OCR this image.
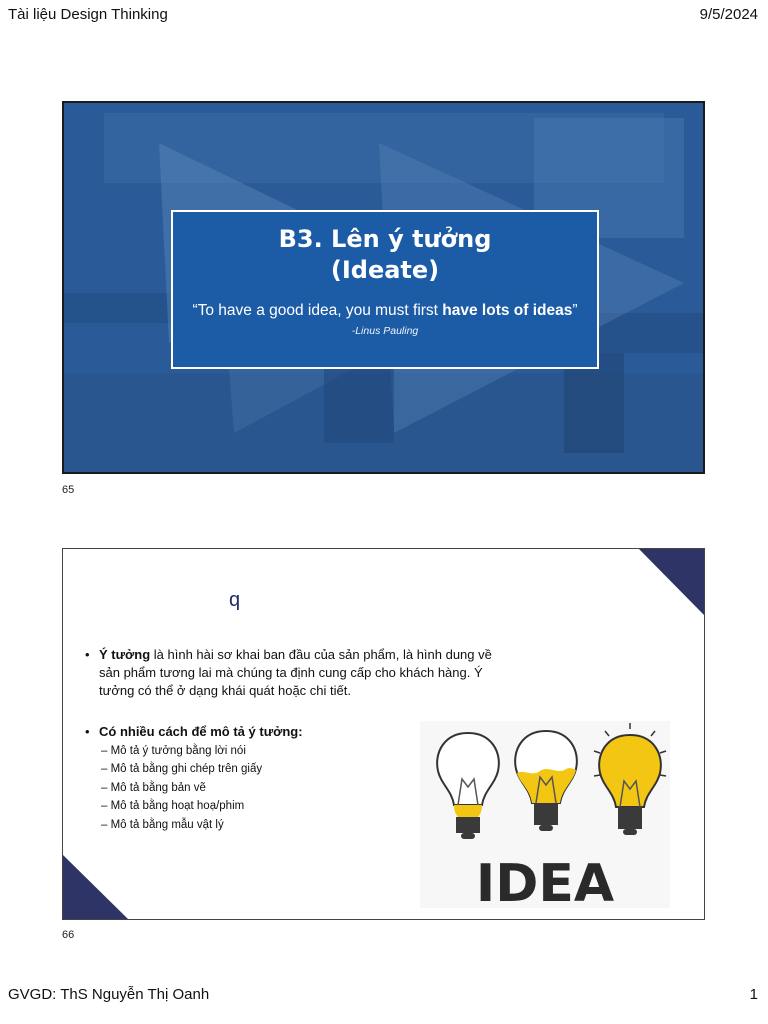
Tài liệu Design Thinking	9/5/2024
B3. Lên ý tưởng
(Ideate)
“To have a good idea, you must first have lots of ideas”
-Linus Pauling
65
q
• Ý tưởng là hình hài sơ khai ban đầu của sản phẩm, là hình dung về sản phẩm tương lai mà chúng ta định cung cấp cho khách hàng. Ý tưởng có thể ở dạng khái quát hoặc chi tiết.
• Có nhiều cách để mô tả ý tưởng:
– Mô tả ý tưởng bằng lời nói
– Mô tả bằng ghi chép trên giấy
– Mô tả bằng bản vẽ
– Mô tả bằng hoạt hoạ/phim
– Mô tả bằng mẫu vật lý
IDEA
66
GVGD: ThS Nguyễn Thị Oanh	1
